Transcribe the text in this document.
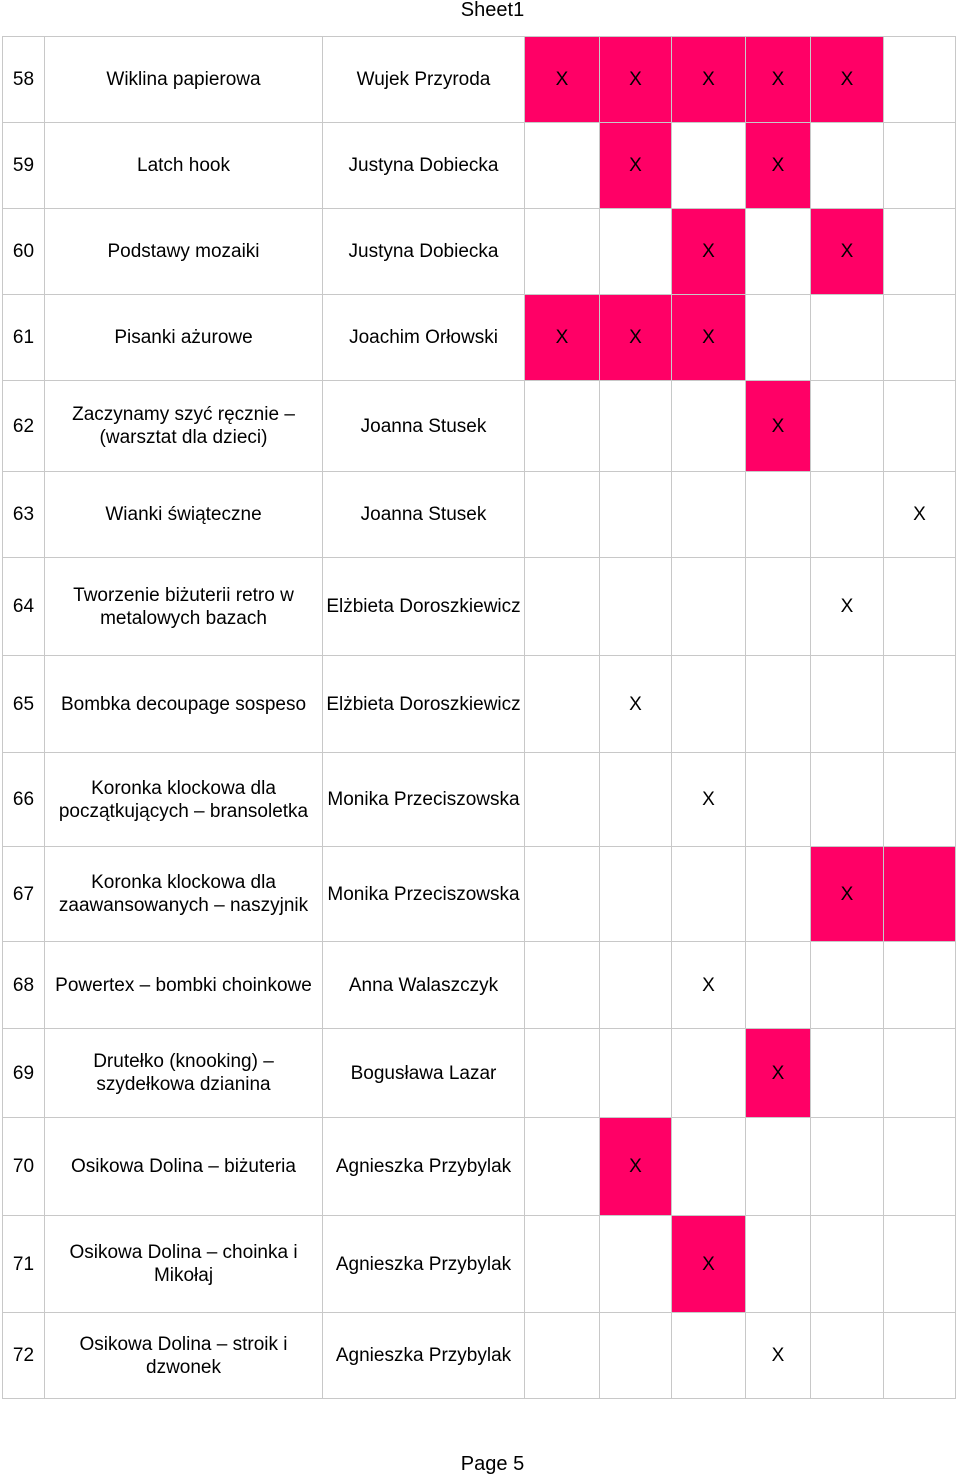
Sheet1
58	Wiklina papierowa	Wujek Przyroda	X	X	X	X	X	
59	Latch hook	Justyna Dobiecka		X		X		
60	Podstawy mozaiki	Justyna Dobiecka			X		X	
61	Pisanki ażurowe	Joachim Orłowski	X	X	X			
62	Zaczynamy szyć ręcznie – (warsztat dla dzieci)	Joanna Stusek				X		
63	Wianki świąteczne	Joanna Stusek						X
64	Tworzenie biżuterii retro w metalowych bazach	Elżbieta Doroszkiewicz					X	
65	Bombka decoupage sospeso	Elżbieta Doroszkiewicz		X				
66	Koronka klockowa dla początkujących – bransoletka	Monika Przeciszowska			X			
67	Koronka klockowa dla zaawansowanych – naszyjnik	Monika Przeciszowska					X	
68	Powertex – bombki choinkowe	Anna Walaszczyk			X			
69	Drutełko (knooking) – szydełkowa dzianina	Bogusława Lazar				X		
70	Osikowa Dolina – biżuteria	Agnieszka Przybylak		X				
71	Osikowa Dolina – choinka i Mikołaj	Agnieszka Przybylak			X			
72	Osikowa Dolina – stroik i dzwonek	Agnieszka Przybylak				X		
Page 5
